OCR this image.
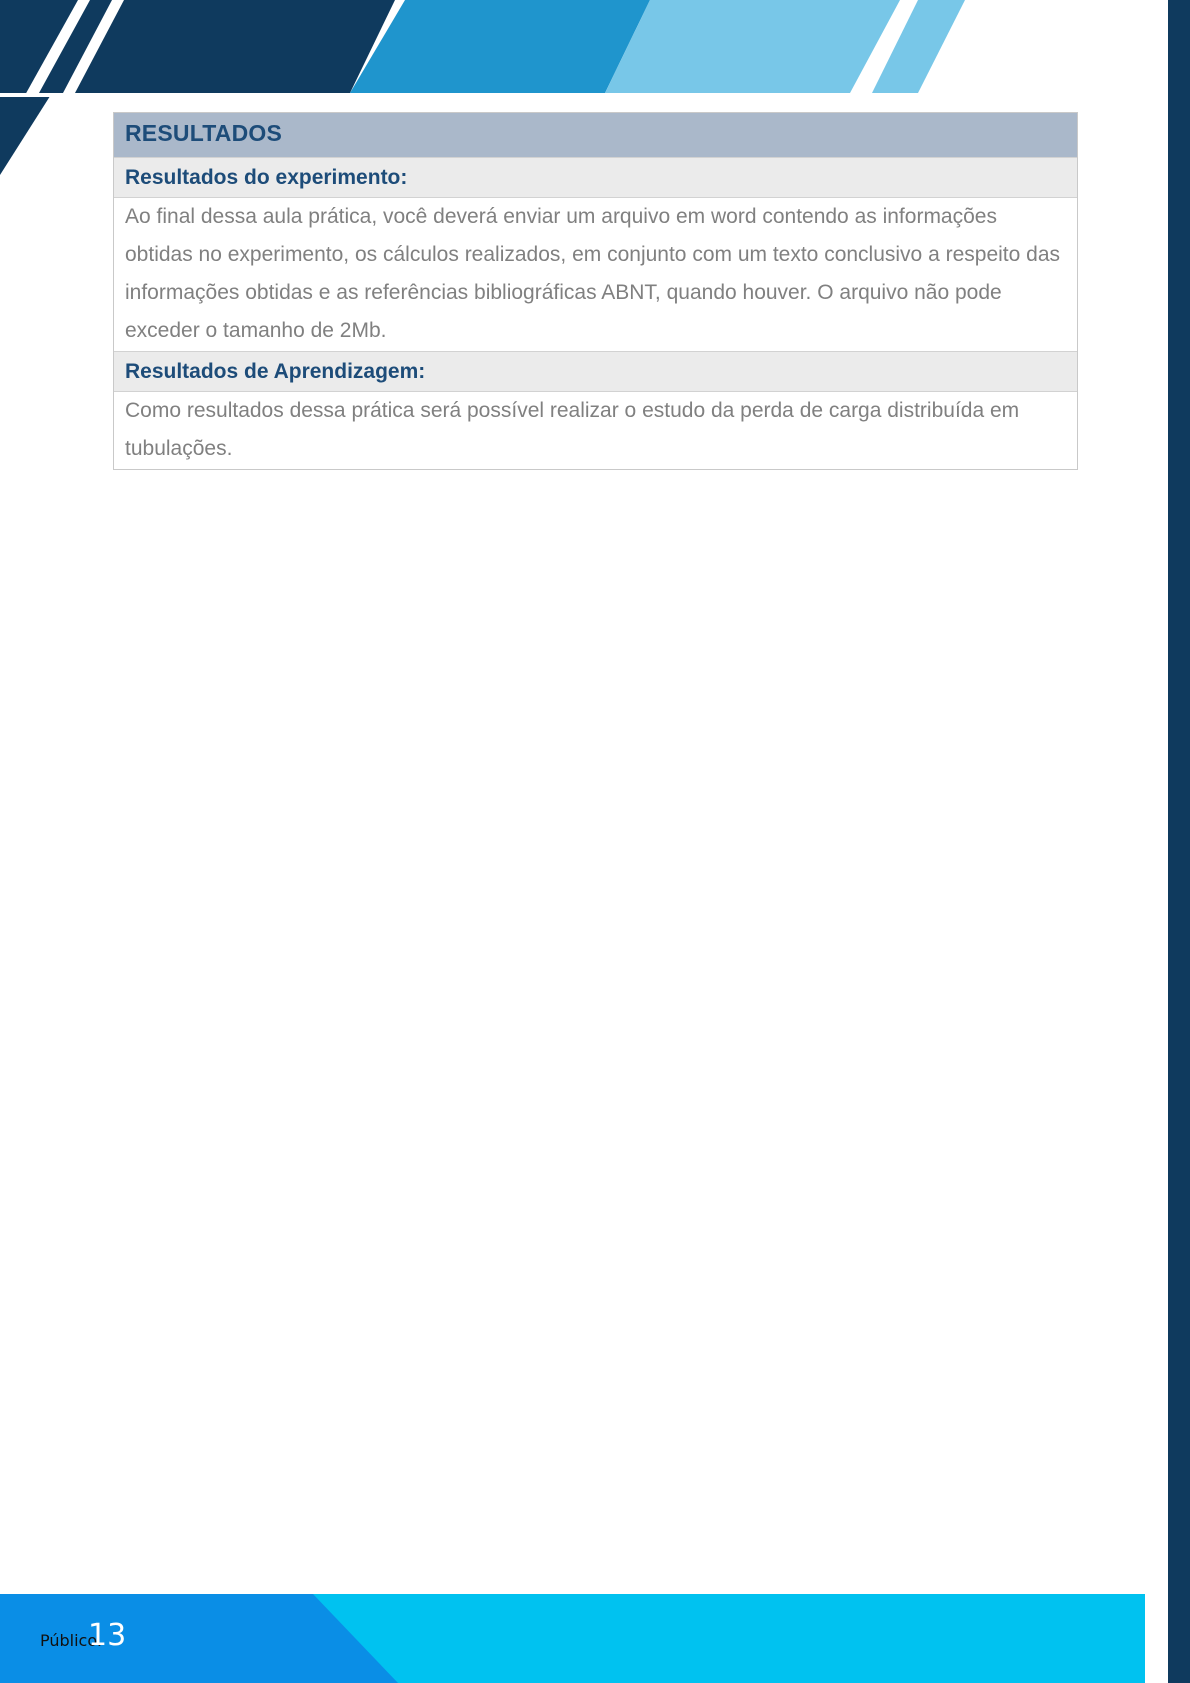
RESULTADOS
Resultados do experimento:
Ao final dessa aula prática, você deverá enviar um arquivo em word contendo as informações obtidas no experimento, os cálculos realizados, em conjunto com um texto conclusivo a respeito das informações obtidas e as referências bibliográficas ABNT, quando houver. O arquivo não pode exceder o tamanho de 2Mb.
Resultados de Aprendizagem:
Como resultados dessa prática será possível realizar o estudo da perda de carga distribuída em tubulações.
Público.
13
